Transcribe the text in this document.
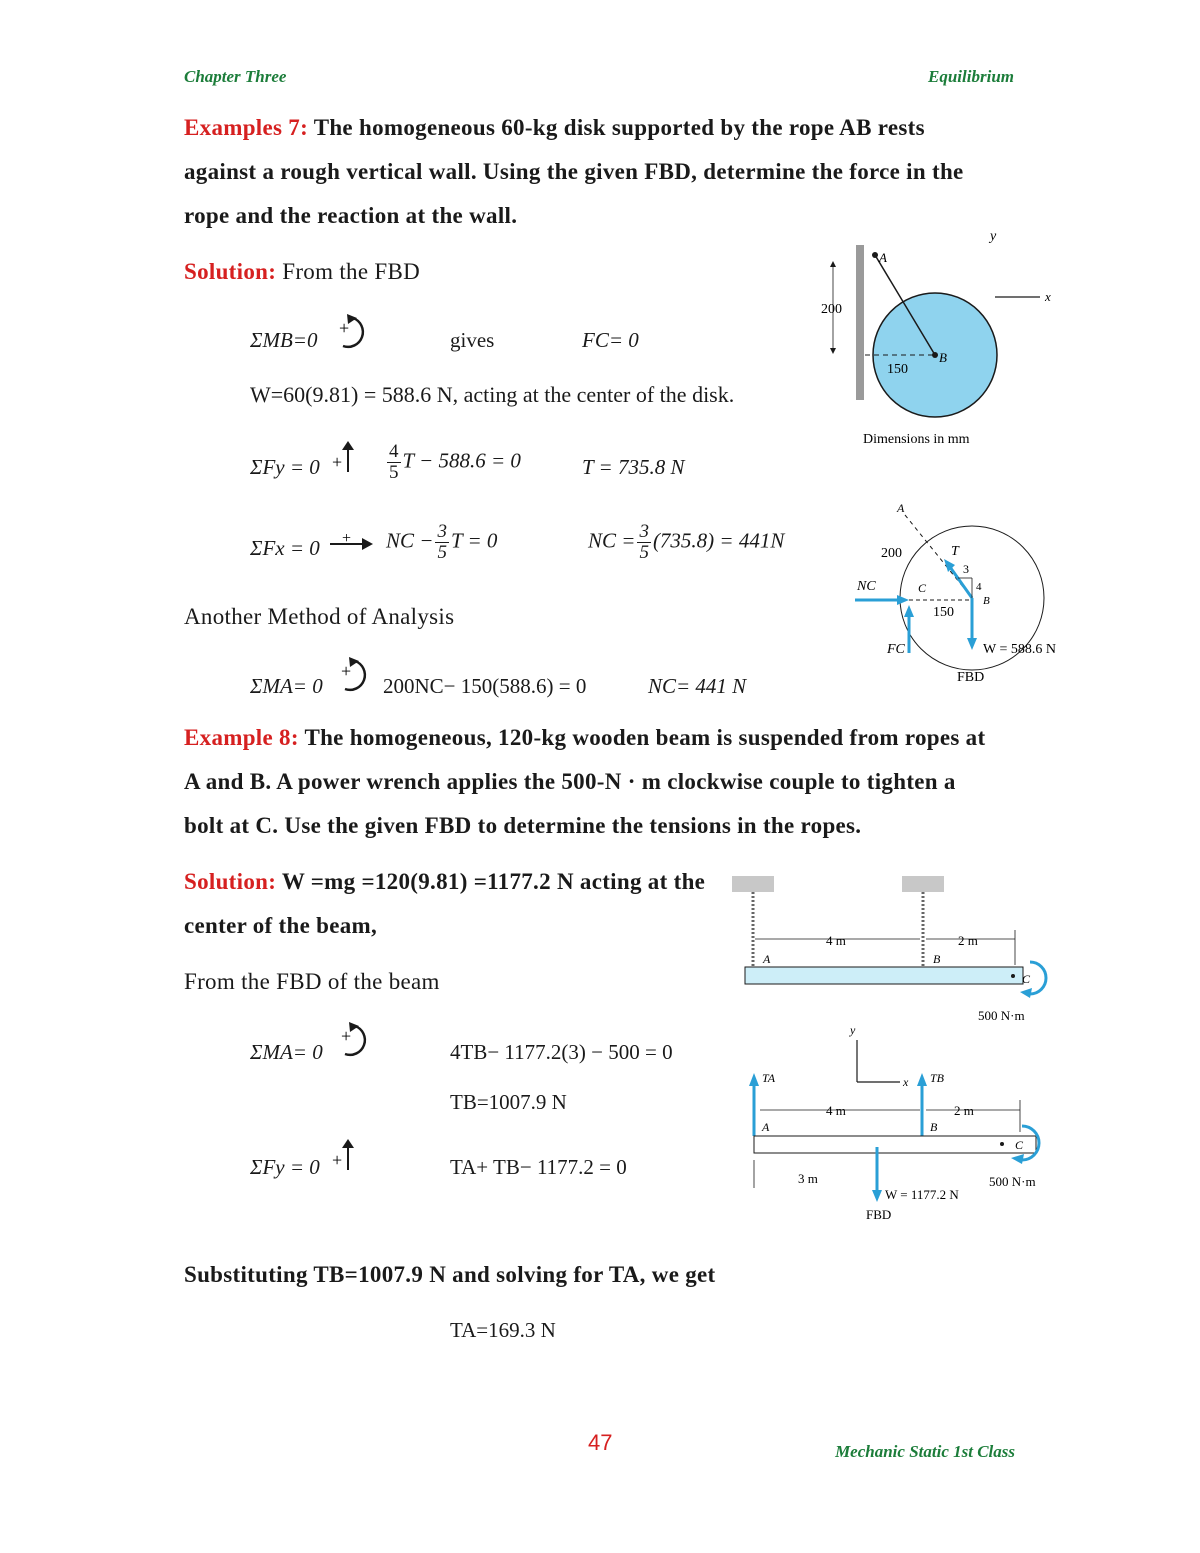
Chapter Three	Equilibrium
Examples 7: The homogeneous 60-kg disk supported by the rope AB rests
against a rough vertical wall. Using the given FBD, determine the force in the
rope and the reaction at the wall.
Solution: From the FBD
ΣMB=0 +	gives	FC= 0
W=60(9.81) = 588.6 N, acting at the center of the disk.
$\Sigma Fy = 0 + \frac{4}{5}$ T − 588.6 = 0	T = 735.8 N
ΣFx = 0 + NC − $\frac{3}{5}$ T = 0	NC = $\frac{3}{5} (735.8) = 441N$
Another Method of Analysis
ΣMA= 0
+
200NC− 150(588.6) = 0	NC= 441 N
200
150
A
B
y
x
Dimensions in mm
3
4
A
T
NC	C
B
200
150
FC	W = 588.6 N
FBD
Example 8: The homogeneous, 120-kg wooden beam is suspended from ropes at
A and B. A power wrench applies the 500-N · m clockwise couple to tighten a
bolt at C. Use the given FBD to determine the tensions in the ropes.
Solution: W =mg =120(9.81) =1177.2 N acting at the
center of the beam,
From the FBD of the beam
ΣMA= 0
+
4TB− 1177.2(3) − 500 = 0
TB=1007.9 N
ΣFy = 0 +	TA+ TB− 1177.2 = 0
Substituting TB=1007.9 N and solving for TA, we get
TA=169.3 N
4 m	2 m
A	B
C
500 N·m
y
x
TA	TB
4 m	2 m
A	B
C
3 m
W = 1177.2 N
500 N·m
FBD
47	Mechanic Static 1st Class
